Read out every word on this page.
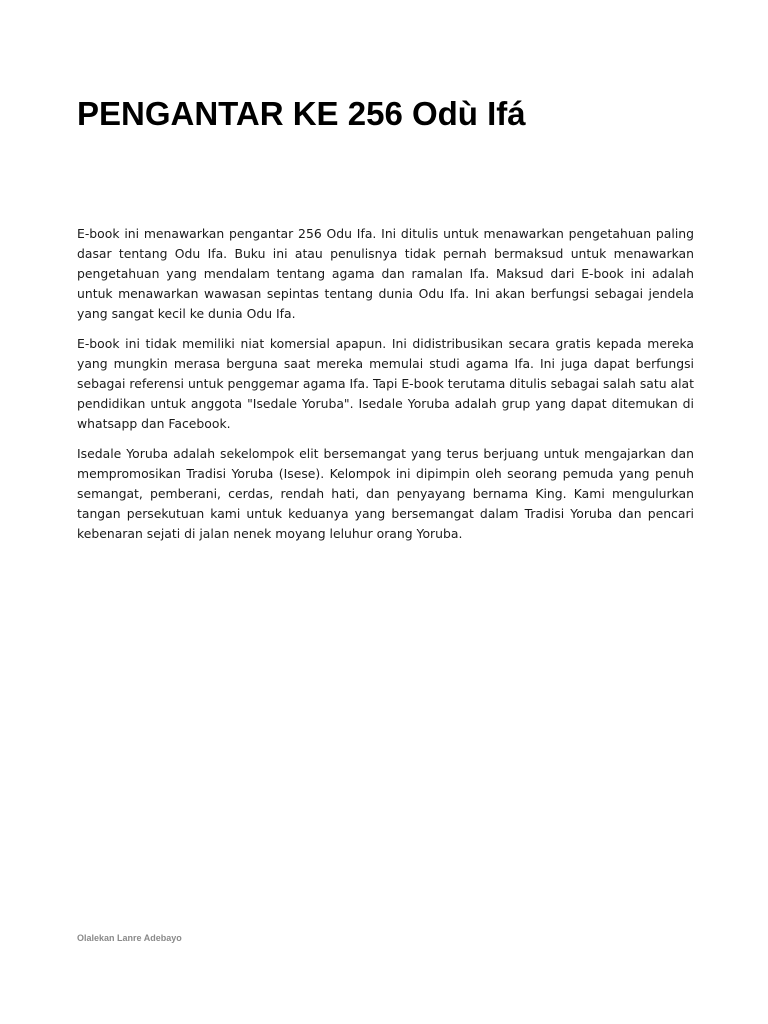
PENGANTAR KE 256 Odù Ifá

E-book ini menawarkan pengantar 256 Odu Ifa. Ini ditulis untuk menawarkan pengetahuan paling dasar tentang Odu Ifa. Buku ini atau penulisnya tidak pernah bermaksud untuk menawarkan pengetahuan yang mendalam tentang agama dan ramalan Ifa. Maksud dari E-book ini adalah untuk menawarkan wawasan sepintas tentang dunia Odu Ifa. Ini akan berfungsi sebagai jendela yang sangat kecil ke dunia Odu Ifa.

E-book ini tidak memiliki niat komersial apapun. Ini didistribusikan secara gratis kepada mereka yang mungkin merasa berguna saat mereka memulai studi agama Ifa. Ini juga dapat berfungsi sebagai referensi untuk penggemar agama Ifa. Tapi E-book terutama ditulis sebagai salah satu alat pendidikan untuk anggota "Isedale Yoruba". Isedale Yoruba adalah grup yang dapat ditemukan di whatsapp dan Facebook.

Isedale Yoruba adalah sekelompok elit bersemangat yang terus berjuang untuk mengajarkan dan mempromosikan Tradisi Yoruba (Isese). Kelompok ini dipimpin oleh seorang pemuda yang penuh semangat, pemberani, cerdas, rendah hati, dan penyayang bernama King. Kami mengulurkan tangan persekutuan kami untuk keduanya yang bersemangat dalam Tradisi Yoruba dan pencari kebenaran sejati di jalan nenek moyang leluhur orang Yoruba.

Olalekan Lanre Adebayo
